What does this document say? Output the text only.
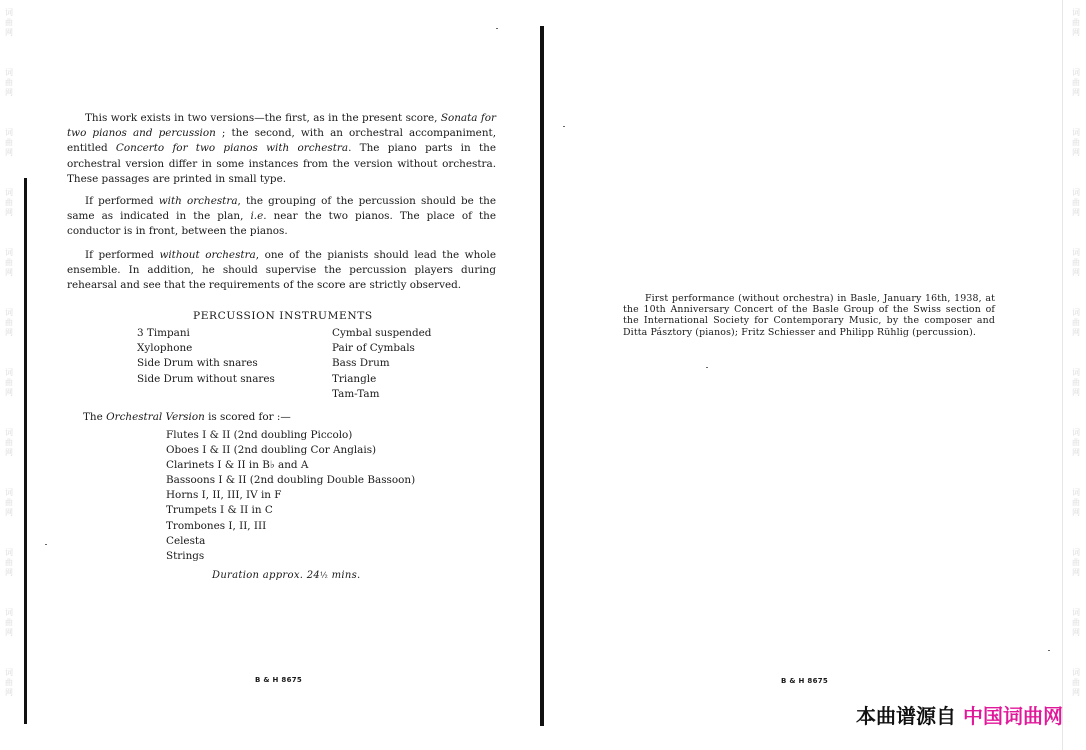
词
曲
网
词
曲
网
词
曲
网
词
曲
网
词
曲
网
词
曲
网
词
曲
网
词
曲
网
词
曲
网
词
曲
网
词
曲
网
词
曲
网
词
曲
网
词
曲
网
词
曲
网
词
曲
网
词
曲
网
词
曲
网
词
曲
网
词
曲
网
词
曲
网
词
曲
网
词
曲
网
词
曲
网
This work exists in two versions—the first, as in the present score, Sonata for two pianos and percussion ; the second, with an orchestral accompaniment, entitled Concerto for two pianos with orchestra. The piano parts in the orchestral version differ in some instances from the version without orchestra. These passages are printed in small type.
If performed with orchestra, the grouping of the percussion should be the same as indicated in the plan, i.e. near the two pianos. The place of the conductor is in front, between the pianos.
If performed without orchestra, one of the pianists should lead the whole ensemble. In addition, he should supervise the percussion players during rehearsal and see that the requirements of the score are strictly observed.
PERCUSSION INSTRUMENTS
3 Timpani
Xylophone
Side Drum with snares
Side Drum without snares
Cymbal suspended
Pair of Cymbals
Bass Drum
Triangle
Tam-Tam
The Orchestral Version is scored for :—
Flutes I & II (2nd doubling Piccolo)
Oboes I & II (2nd doubling Cor Anglais)
Clarinets I & II in B♭ and A
Bassoons I & II (2nd doubling Double Bassoon)
Horns I, II, III, IV in F
Trumpets I & II in C
Trombones I, II, III
Celesta
Strings
Duration approx. 24½ mins.
B & H 8675
First performance (without orchestra) in Basle, January 16th, 1938, at the 10th Anniversary Concert of the Basle Group of the Swiss section of the International Society for Contemporary Music, by the composer and Ditta Pásztory (pianos); Fritz Schiesser and Philipp Rühlig (percussion).
B & H 8675
本曲谱源自 中国词曲网
